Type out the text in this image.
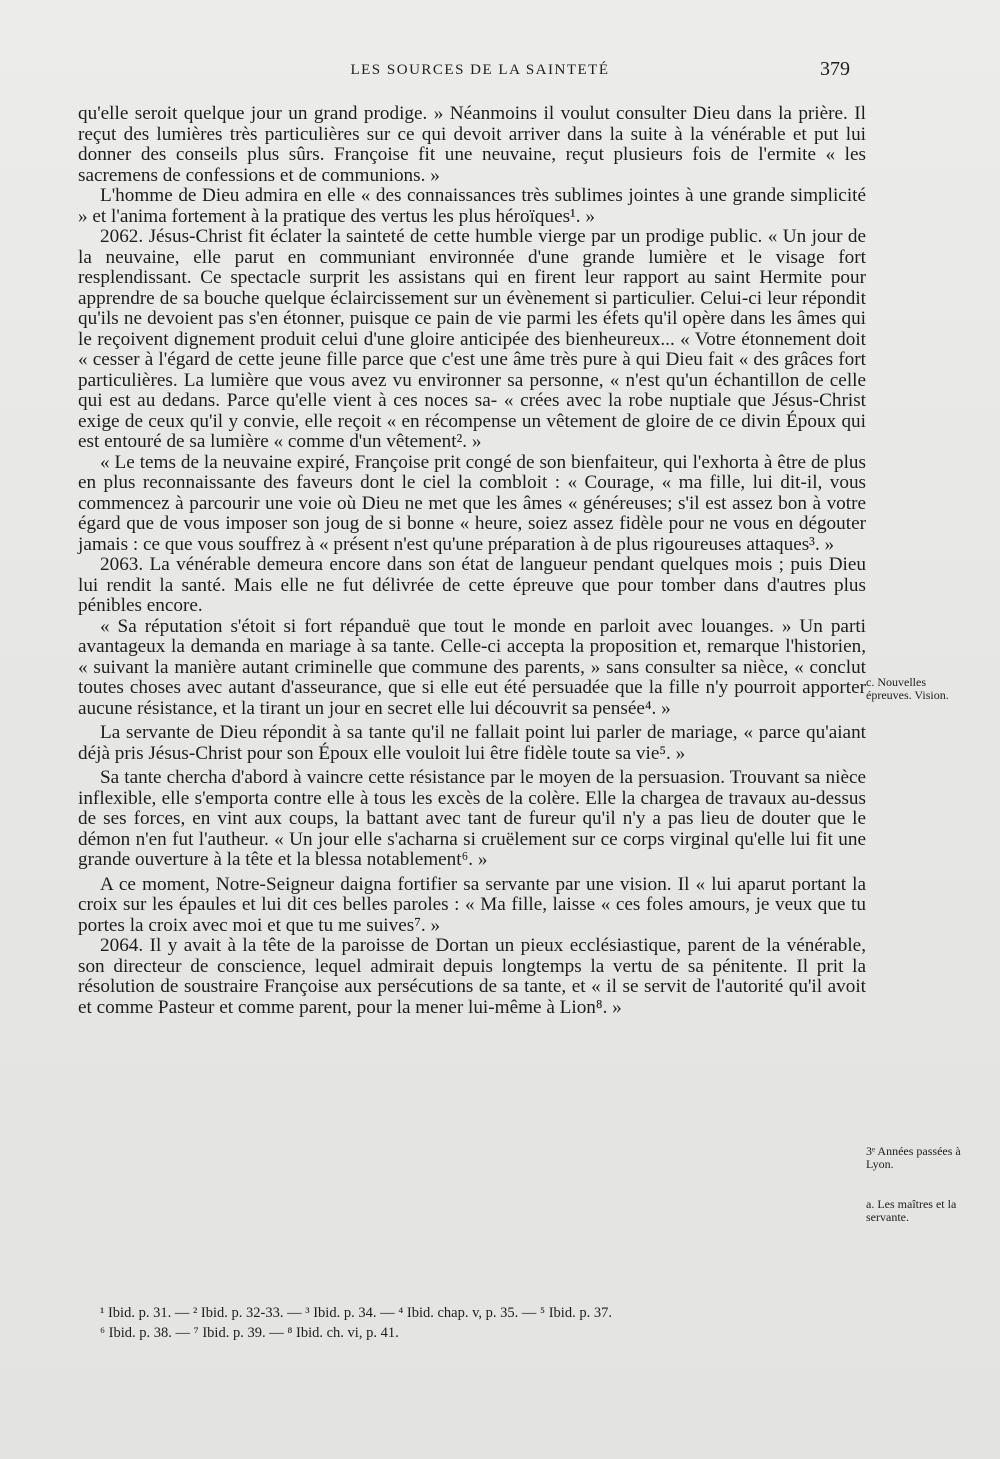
LES SOURCES DE LA SAINTETÉ	379

qu'elle seroit quelque jour un grand prodige. » Néanmoins il voulut consulter Dieu dans la prière. Il reçut des lumières très particulières sur ce qui devoit arriver dans la suite à la vénérable et put lui donner des conseils plus sûrs. Françoise fit une neuvaine, reçut plusieurs fois de l'ermite « les sacremens de confessions et de communions. »

L'homme de Dieu admira en elle « des connaissances très sublimes jointes à une grande simplicité » et l'anima fortement à la pratique des vertus les plus héroïques¹. »

2062. Jésus-Christ fit éclater la sainteté de cette humble vierge par un prodige public. « Un jour de la neuvaine, elle parut en communiant environnée d'une grande lumière et le visage fort resplendissant. Ce spectacle surprit les assistans qui en firent leur rapport au saint Hermite pour apprendre de sa bouche quelque éclaircissement sur un évènement si particulier. Celui-ci leur répondit qu'ils ne devoient pas s'en étonner, puisque ce pain de vie parmi les éfets qu'il opère dans les âmes qui le reçoivent dignement produit celui d'une gloire anticipée des bienheureux... « Votre étonnement doit « cesser à l'égard de cette jeune fille parce que c'est une âme très pure à qui Dieu fait « des grâces fort particulières. La lumière que vous avez vu environner sa personne, « n'est qu'un échantillon de celle qui est au dedans. Parce qu'elle vient à ces noces sa- « crées avec la robe nuptiale que Jésus-Christ exige de ceux qu'il y convie, elle reçoit « en récompense un vêtement de gloire de ce divin Époux qui est entouré de sa lumière « comme d'un vêtement². »

« Le tems de la neuvaine expiré, Françoise prit congé de son bienfaiteur, qui l'exhorta à être de plus en plus reconnaissante des faveurs dont le ciel la combloit : « Courage, « ma fille, lui dit-il, vous commencez à parcourir une voie où Dieu ne met que les âmes « généreuses; s'il est assez bon à votre égard que de vous imposer son joug de si bonne « heure, soiez assez fidèle pour ne vous en dégouter jamais : ce que vous souffrez à « présent n'est qu'une préparation à de plus rigoureuses attaques³. »

2063. La vénérable demeura encore dans son état de langueur pendant quelques mois ; puis Dieu lui rendit la santé. Mais elle ne fut délivrée de cette épreuve que pour tomber dans d'autres plus pénibles encore.

« Sa réputation s'étoit si fort répanduë que tout le monde en parloit avec louanges. » Un parti avantageux la demanda en mariage à sa tante. Celle-ci accepta la proposition et, remarque l'historien, « suivant la manière autant criminelle que commune des parents, » sans consulter sa nièce, « conclut toutes choses avec autant d'asseurance, que si elle eut été persuadée que la fille n'y pourroit apporter aucune résistance, et la tirant un jour en secret elle lui découvrit sa pensée⁴. »

La servante de Dieu répondit à sa tante qu'il ne fallait point lui parler de mariage, « parce qu'aiant déjà pris Jésus-Christ pour son Époux elle vouloit lui être fidèle toute sa vie⁵. »

Sa tante chercha d'abord à vaincre cette résistance par le moyen de la persuasion. Trouvant sa nièce inflexible, elle s'emporta contre elle à tous les excès de la colère. Elle la chargea de travaux au-dessus de ses forces, en vint aux coups, la battant avec tant de fureur qu'il n'y a pas lieu de douter que le démon n'en fut l'autheur. « Un jour elle s'acharna si cruëlement sur ce corps virginal qu'elle lui fit une grande ouverture à la tête et la blessa notablement⁶. »

A ce moment, Notre-Seigneur daigna fortifier sa servante par une vision. Il « lui aparut portant la croix sur les épaules et lui dit ces belles paroles : « Ma fille, laisse « ces foles amours, je veux que tu portes la croix avec moi et que tu me suives⁷. »

2064. Il y avait à la tête de la paroisse de Dortan un pieux ecclésiastique, parent de la vénérable, son directeur de conscience, lequel admirait depuis longtemps la vertu de sa pénitente. Il prit la résolution de soustraire Françoise aux persécutions de sa tante, et « il se servit de l'autorité qu'il avoit et comme Pasteur et comme parent, pour la mener lui-même à Lion⁸. »

c. Nouvelles épreuves. Vision.
3ᵉ Années passées à Lyon.
a. Les maîtres et la servante.
¹ Ibid. p. 31. — ² Ibid. p. 32-33. — ³ Ibid. p. 34. — ⁴ Ibid. chap. v, p. 35. — ⁵ Ibid. p. 37.
⁶ Ibid. p. 38. — ⁷ Ibid. p. 39. — ⁸ Ibid. ch. vi, p. 41.
